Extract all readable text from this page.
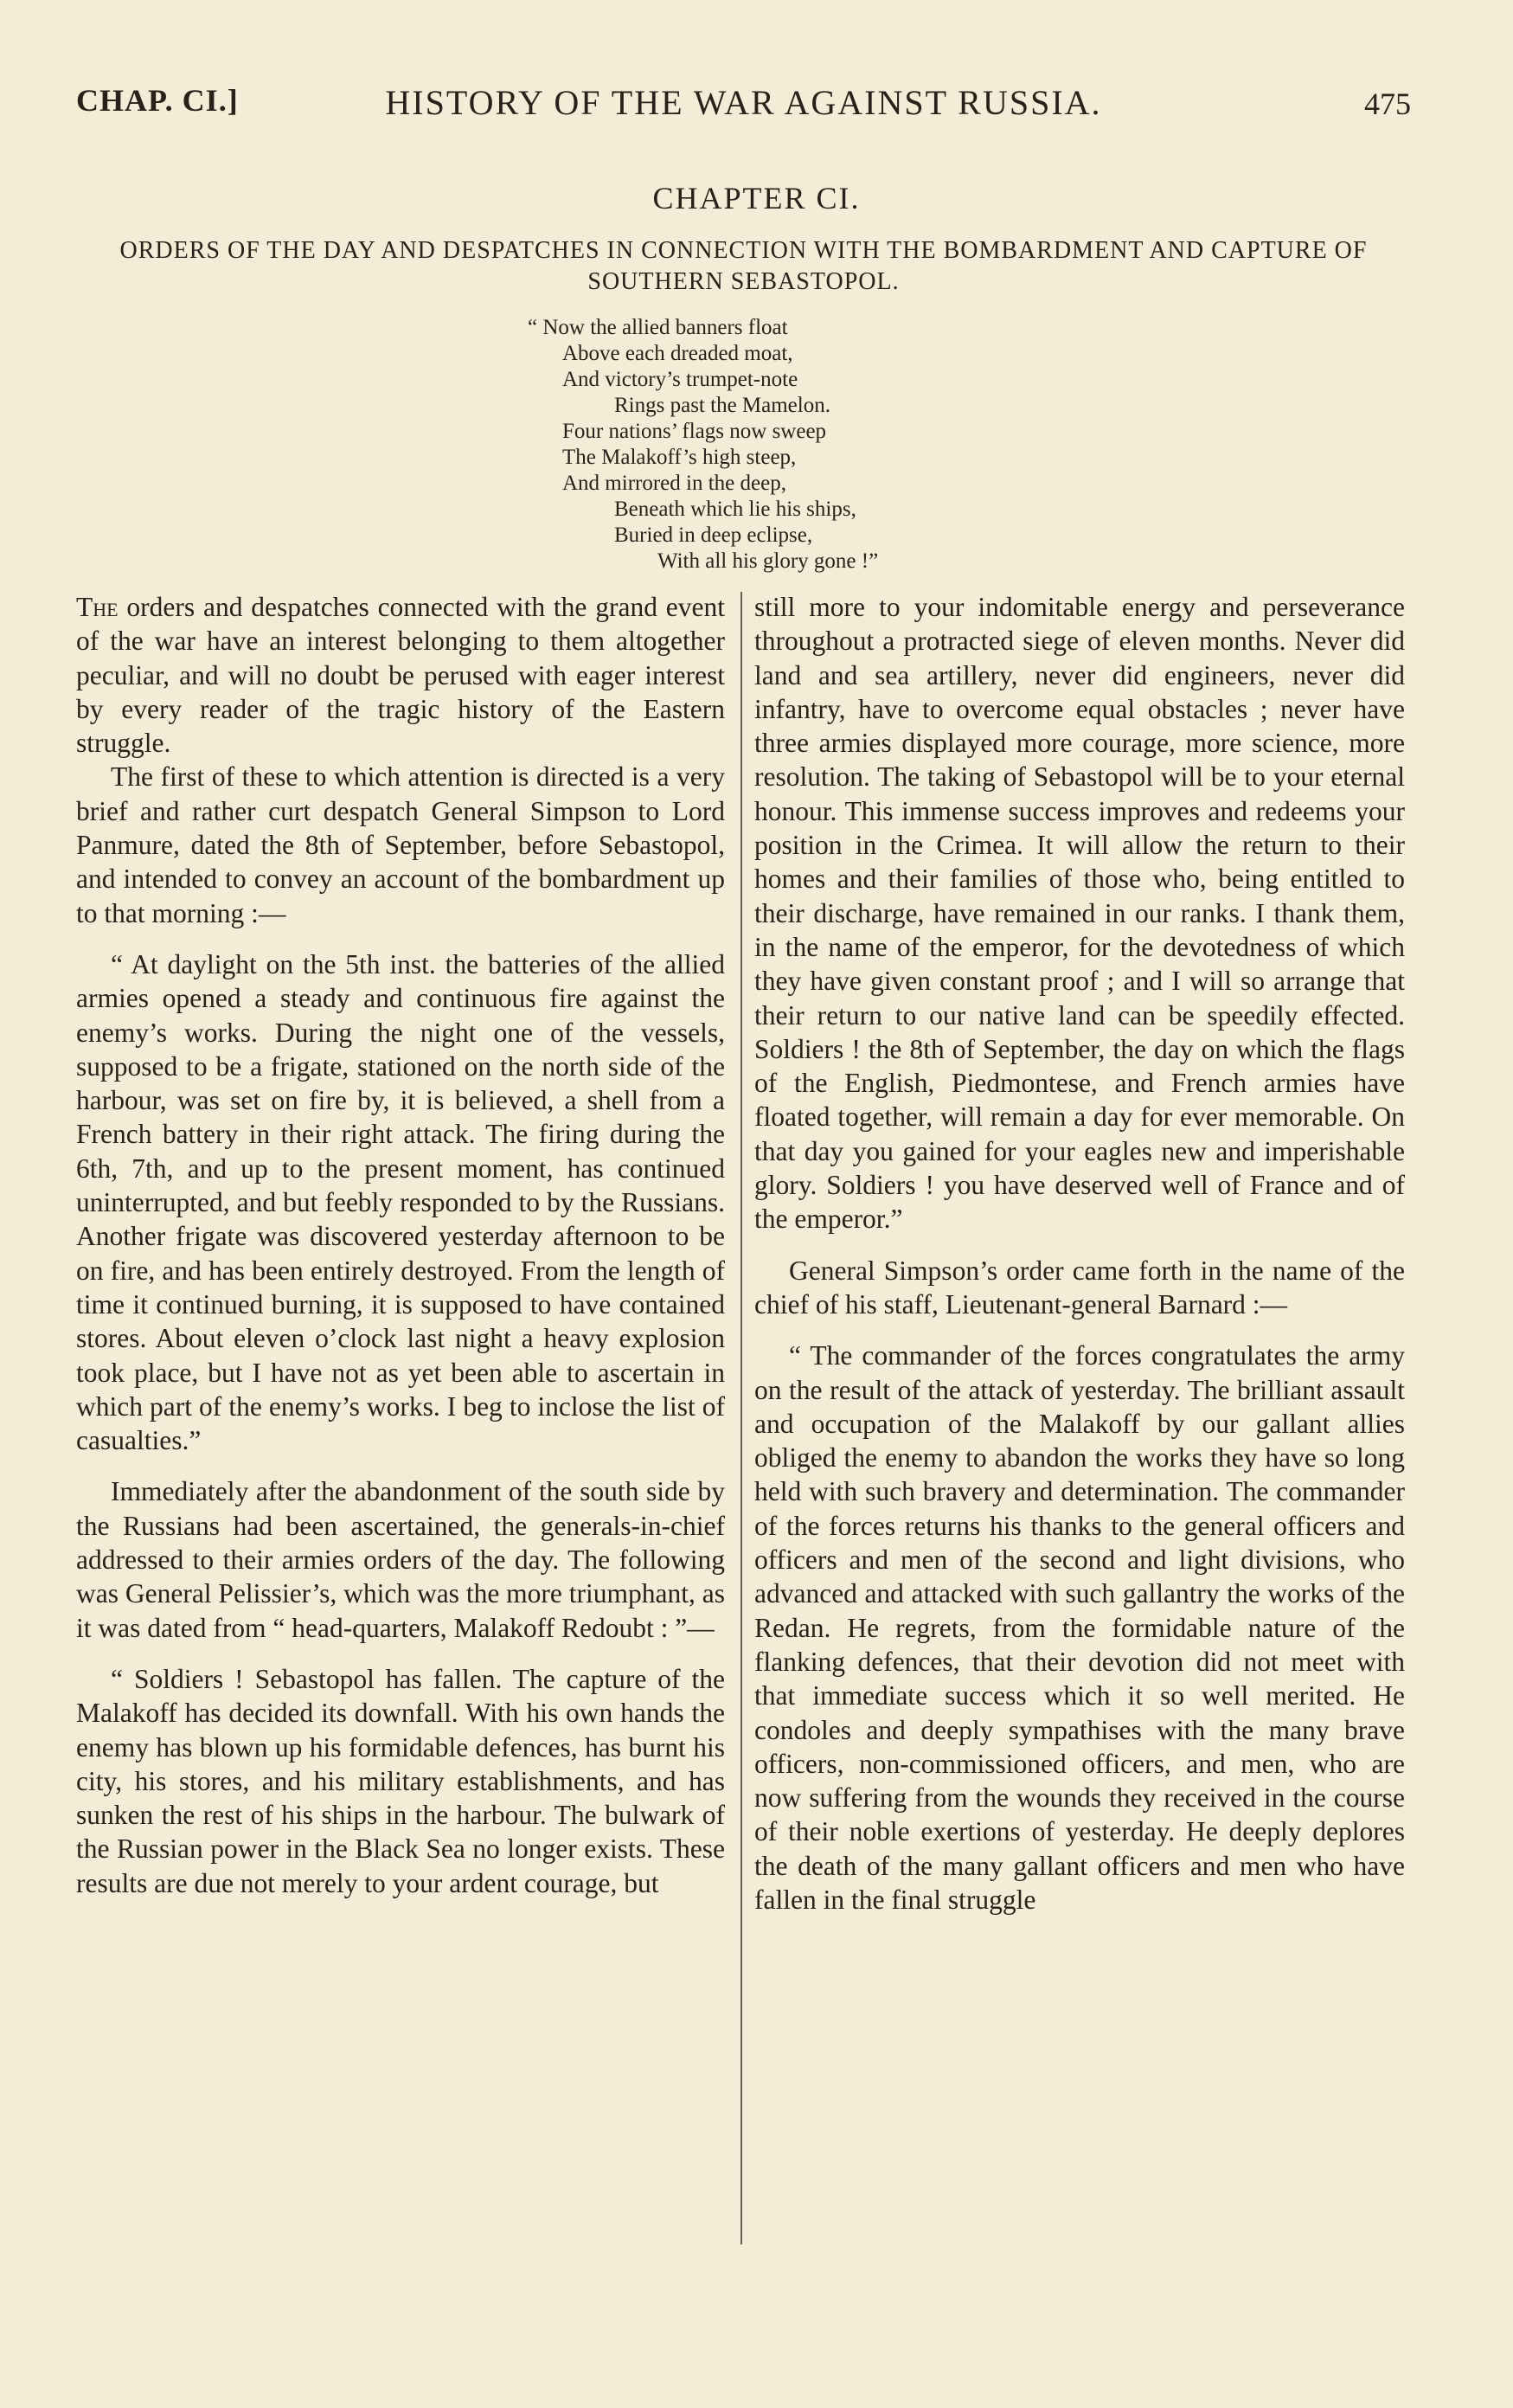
CHAP. CI.]	HISTORY OF THE WAR AGAINST RUSSIA.	475
CHAPTER CI.
ORDERS OF THE DAY AND DESPATCHES IN CONNECTION WITH THE BOMBARDMENT AND CAPTURE OF SOUTHERN SEBASTOPOL.
“ Now the allied banners float
Above each dreaded moat,
And victory’s trumpet-note
Rings past the Mamelon.
Four nations’ flags now sweep
The Malakoff’s high steep,
And mirrored in the deep,
Beneath which lie his ships,
Buried in deep eclipse,
With all his glory gone !”

The orders and despatches connected with the grand event of the war have an interest belonging to them altogether peculiar, and will no doubt be perused with eager interest by every reader of the tragic history of the Eastern struggle.

The first of these to which attention is directed is a very brief and rather curt despatch General Simpson to Lord Panmure, dated the 8th of September, before Sebastopol, and intended to convey an account of the bombardment up to that morning :—

“ At daylight on the 5th inst. the batteries of the allied armies opened a steady and continuous fire against the enemy’s works. During the night one of the vessels, supposed to be a frigate, stationed on the north side of the harbour, was set on fire by, it is believed, a shell from a French battery in their right attack. The firing during the 6th, 7th, and up to the present moment, has continued uninterrupted, and but feebly responded to by the Russians. Another frigate was discovered yesterday afternoon to be on fire, and has been entirely destroyed. From the length of time it continued burning, it is supposed to have contained stores. About eleven o’clock last night a heavy explosion took place, but I have not as yet been able to ascertain in which part of the enemy’s works. I beg to inclose the list of casualties.”

Immediately after the abandonment of the south side by the Russians had been ascertained, the generals-in-chief addressed to their armies orders of the day. The following was General Pelissier’s, which was the more triumphant, as it was dated from “ head-quarters, Malakoff Redoubt : ”—

“ Soldiers ! Sebastopol has fallen. The capture of the Malakoff has decided its downfall. With his own hands the enemy has blown up his formidable defences, has burnt his city, his stores, and his military establishments, and has sunken the rest of his ships in the harbour. The bulwark of the Russian power in the Black Sea no longer exists. These results are due not merely to your ardent courage, but

still more to your indomitable energy and perseverance throughout a protracted siege of eleven months. Never did land and sea artillery, never did engineers, never did infantry, have to overcome equal obstacles ; never have three armies displayed more courage, more science, more resolution. The taking of Sebastopol will be to your eternal honour. This immense success improves and redeems your position in the Crimea. It will allow the return to their homes and their families of those who, being entitled to their discharge, have remained in our ranks. I thank them, in the name of the emperor, for the devotedness of which they have given constant proof ; and I will so arrange that their return to our native land can be speedily effected. Soldiers ! the 8th of September, the day on which the flags of the English, Piedmontese, and French armies have floated together, will remain a day for ever memorable. On that day you gained for your eagles new and imperishable glory. Soldiers ! you have deserved well of France and of the emperor.”

General Simpson’s order came forth in the name of the chief of his staff, Lieutenant-general Barnard :—

“ The commander of the forces congratulates the army on the result of the attack of yesterday. The brilliant assault and occupation of the Malakoff by our gallant allies obliged the enemy to abandon the works they have so long held with such bravery and determination. The commander of the forces returns his thanks to the general officers and officers and men of the second and light divisions, who advanced and attacked with such gallantry the works of the Redan. He regrets, from the formidable nature of the flanking defences, that their devotion did not meet with that immediate success which it so well merited. He condoles and deeply sympathises with the many brave officers, non-commissioned officers, and men, who are now suffering from the wounds they received in the course of their noble exertions of yesterday. He deeply deplores the death of the many gallant officers and men who have fallen in the final struggle
